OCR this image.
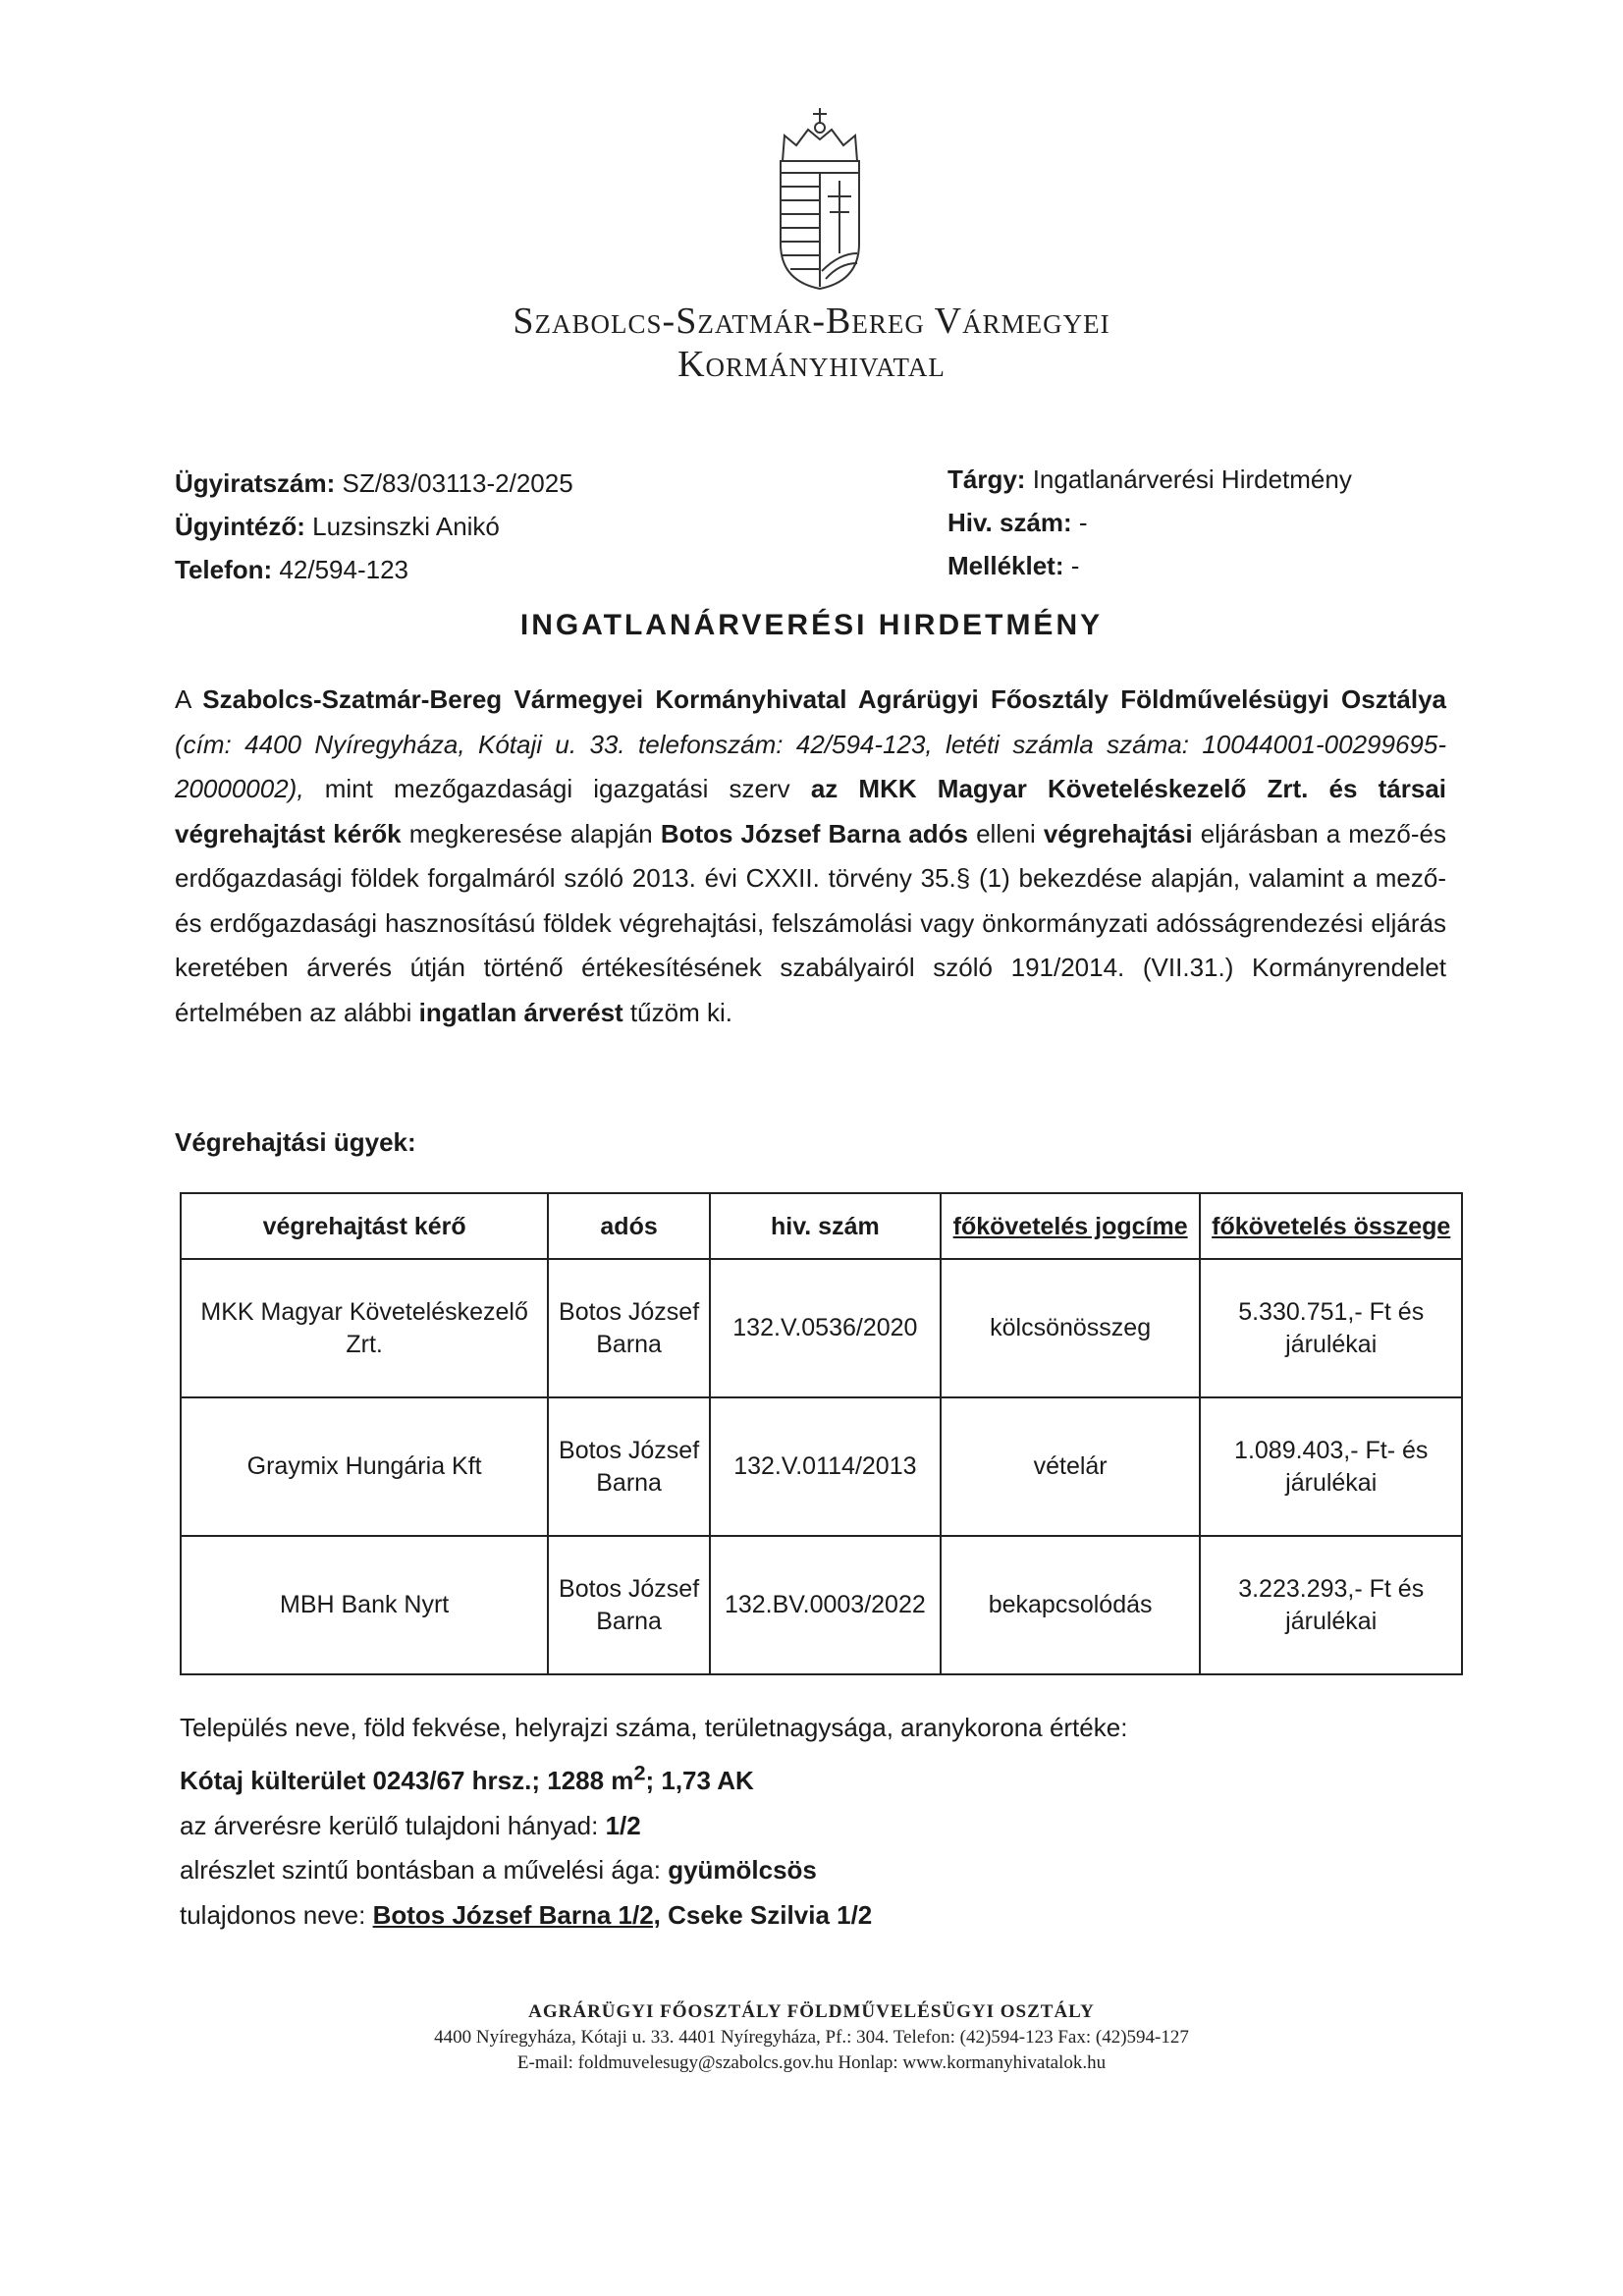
Szabolcs-Szatmár-Bereg Vármegyei
Kormányhivatal
Ügyiratszám: SZ/83/03113-2/2025
Ügyintéző: Luzsinszki Anikó
Telefon: 42/594-123
Tárgy: Ingatlanárverési Hirdetmény
Hiv. szám: -
Melléklet: -
INGATLANÁRVERÉSI HIRDETMÉNY
A Szabolcs-Szatmár-Bereg Vármegyei Kormányhivatal Agrárügyi Főosztály Földművelésügyi Osztálya (cím: 4400 Nyíregyháza, Kótaji u. 33. telefonszám: 42/594-123, letéti számla száma: 10044001-00299695-20000002), mint mezőgazdasági igazgatási szerv az MKK Magyar Követeléskezelő Zrt. és társai végrehajtást kérők megkeresése alapján Botos József Barna adós elleni végrehajtási eljárásban a mező-és erdőgazdasági földek forgalmáról szóló 2013. évi CXXII. törvény 35.§ (1) bekezdése alapján, valamint a mező-és erdőgazdasági hasznosítású földek végrehajtási, felszámolási vagy önkormányzati adósságrendezési eljárás keretében árverés útján történő értékesítésének szabályairól szóló 191/2014. (VII.31.) Kormányrendelet értelmében az alábbi ingatlan árverést tűzöm ki.
Végrehajtási ügyek:
végrehajtást kérő	adós	hiv. szám	főkövetelés jogcíme	főkövetelés összege
MKK Magyar Követeléskezelő Zrt.	Botos József Barna	132.V.0536/2020	kölcsönösszeg	5.330.751,- Ft és járulékai
Graymix Hungária Kft	Botos József Barna	132.V.0114/2013	vételár	1.089.403,- Ft- és járulékai
MBH Bank Nyrt	Botos József Barna	132.BV.0003/2022	bekapcsolódás	3.223.293,- Ft és járulékai
Település neve, föld fekvése, helyrajzi száma, területnagysága, aranykorona értéke:
Kótaj külterület 0243/67 hrsz.; 1288 $m^2$; 1,73 AK
az árverésre kerülő tulajdoni hányad: 1/2
alrészlet szintű bontásban a művelési ága: gyümölcsös
tulajdonos neve: Botos József Barna 1/2, Cseke Szilvia 1/2
AGRÁRÜGYI FŐOSZTÁLY FÖLDMŰVELÉSÜGYI OSZTÁLY
4400 Nyíregyháza, Kótaji u. 33. 4401 Nyíregyháza, Pf.: 304. Telefon: (42)594-123 Fax: (42)594-127
E-mail: foldmuvelesugy@szabolcs.gov.hu Honlap: www.kormanyhivatalok.hu
